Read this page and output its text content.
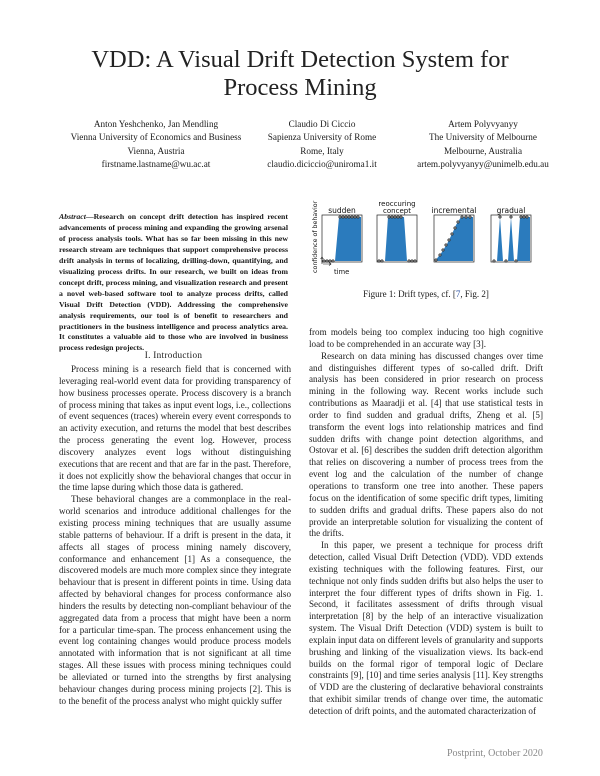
VDD: A Visual Drift Detection System for
Process Mining
Anton Yeshchenko, Jan Mendling
Vienna University of Economics and Business
Vienna, Austria
firstname.lastname@wu.ac.at
Claudio Di Ciccio
Sapienza University of Rome
Rome, Italy
claudio.diciccio@uniroma1.it
Artem Polyvyanyy
The University of Melbourne
Melbourne, Australia
artem.polyvyanyy@unimelb.edu.au
Abstract—Research on concept drift detection has inspired recent advancements of process mining and expanding the growing arsenal of process analysis tools. What has so far been missing in this new research stream are techniques that support comprehensive process drift analysis in terms of localizing, drilling-down, quantifying, and visualizing process drifts. In our research, we built on ideas from concept drift, process mining, and visualization research and present a novel web-based software tool to analyze process drifts, called Visual Drift Detection (VDD). Addressing the comprehensive analysis requirements, our tool is of benefit to researchers and practitioners in the business intelligence and process analytics area. It constitutes a valuable aid to those who are involved in business process redesign projects.
confidence of behavior time
sudden
reoccuring
concept	incremental	gradual
Figure 1: Drift types, cf. [7, Fig. 2]
I. Introduction

Process mining is a research field that is concerned with leveraging real-world event data for providing transparency of how business processes operate. Process discovery is a branch of process mining that takes as input event logs, i.e., collections of event sequences (traces) wherein every event corresponds to an activity execution, and returns the model that best describes the process generating the event log. However, process discovery analyzes event logs without distinguishing executions that are recent and that are far in the past. Therefore, it does not explicitly show the behavioral changes that occur in the time lapse during which those data is gathered.

These behavioral changes are a commonplace in the real-world scenarios and introduce additional challenges for the existing process mining techniques that are usually assume stable patterns of behaviour. If a drift is present in the data, it affects all stages of process mining namely discovery, conformance and enhancement [1] As a consequence, the discovered models are much more complex since they integrate behaviour that is present in different points in time. Using data affected by behavioral changes for process conformance also hinders the results by detecting non-compliant behaviour of the aggregated data from a process that might have been a norm for a particular time-span. The process enhancement using the event log containing changes would produce process models annotated with information that is not significant at all time stages. All these issues with process mining techniques could be alleviated or turned into the strengths by first analysing behaviour changes during process mining projects [2]. This is to the benefit of the process analyst who might quickly suffer

from models being too complex inducing too high cognitive load to be comprehended in an accurate way [3].

Research on data mining has discussed changes over time and distinguishes different types of so-called drift. Drift analysis has been considered in prior research on process mining in the following way. Recent works include such contributions as Maaradji et al. [4] that use statistical tests in order to find sudden and gradual drifts, Zheng et al. [5] transform the event logs into relationship matrices and find sudden drifts with change point detection algorithms, and Ostovar et al. [6] describes the sudden drift detection algorithm that relies on discovering a number of process trees from the event log and the calculation of the number of change operations to transform one tree into another. These papers focus on the identification of some specific drift types, limiting to sudden drifts and gradual drifts. These papers also do not provide an interpretable solution for visualizing the content of the drifts.

In this paper, we present a technique for process drift detection, called Visual Drift Detection (VDD). VDD extends existing techniques with the following features. First, our technique not only finds sudden drifts but also helps the user to interpret the four different types of drifts shown in Fig. 1. Second, it facilitates assessment of drifts through visual interpretation [8] by the help of an interactive visualization system. The Visual Drift Detection (VDD) system is built to explain input data on different levels of granularity and supports brushing and linking of the visualization views. Its back-end builds on the formal rigor of temporal logic of Declare constraints [9], [10] and time series analysis [11]. Key strengths of VDD are the clustering of declarative behavioral constraints that exhibit similar trends of change over time, the automatic detection of drift points, and the automated characterization of

Postprint, October 2020
